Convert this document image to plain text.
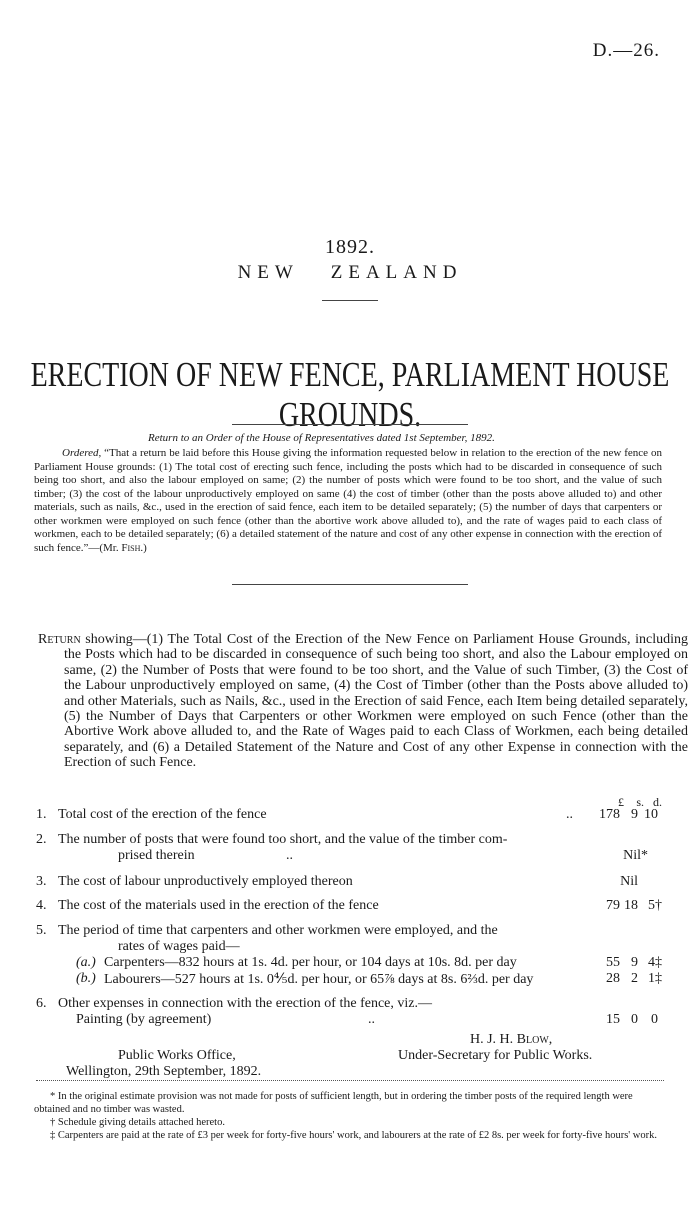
D.—26.
1892.
NEW   ZEALAND
ERECTION OF NEW FENCE, PARLIAMENT HOUSE GROUNDS.
Return to an Order of the House of Representatives dated 1st September, 1892.
Ordered, “That a return be laid before this House giving the information requested below in relation to the erection of the new fence on Parliament House grounds: (1) The total cost of erecting such fence, including the posts which had to be discarded in consequence of such being too short, and also the labour employed on same; (2) the number of posts which were found to be too short, and the value of such timber; (3) the cost of the labour unproductively employed on same (4) the cost of timber (other than the posts above alluded to) and other materials, such as nails, &c., used in the erection of said fence, each item to be detailed separately; (5) the number of days that carpenters or other workmen were employed on such fence (other than the abortive work above alluded to), and the rate of wages paid to each class of workmen, each to be detailed separately; (6) a detailed statement of the nature and cost of any other expense in connection with the erection of such fence.”—(Mr. Fish.)
Return showing—(1) The Total Cost of the Erection of the New Fence on Parliament House Grounds, including the Posts which had to be discarded in consequence of such being too short, and also the Labour employed on same, (2) the Number of Posts that were found to be too short, and the Value of such Timber, (3) the Cost of the Labour unproductively employed on same, (4) the Cost of Timber (other than the Posts above alluded to) and other Materials, such as Nails, &c., used in the Erection of said Fence, each Item being detailed separately, (5) the Number of Days that Carpenters or other Workmen were employed on such Fence (other than the Abortive Work above alluded to, and the Rate of Wages paid to each Class of Workmen, each being detailed separately, and (6) a Detailed Statement of the Nature and Cost of any other Expense in connection with the Erection of such Fence.
£	s. d.
1. Total cost of the erection of the fence	..	178 9 10
2. The number of posts that were found too short, and the value of the timber com-
prised therein	..	Nil*
3. The cost of labour unproductively employed thereon	Nil
4. The cost of the materials used in the erection of the fence	79 18 5†
5. The period of time that carpenters and other workmen were employed, and the
rates of wages paid—
(a.) Carpenters—832 hours at 1s. 4d. per hour, or 104 days at 10s. 8d. per day	55 9 4‡
(b.) Labourers—527 hours at 1s. 0⅘d. per hour, or 65⅞ days at 8s. 6⅔d. per day	28 2 1‡
6. Other expenses in connection with the erection of the fence, viz.—
Painting (by agreement)	..	15 0 0
Public Works Office,
Wellington, 29th September, 1892.
H. J. H. Blow,
Under-Secretary for Public Works.
* In the original estimate provision was not made for posts of sufficient length, but in ordering the timber posts of the required length were obtained and no timber was wasted.
† Schedule giving details attached hereto.
‡ Carpenters are paid at the rate of £3 per week for forty-five hours' work, and labourers at the rate of £2 8s. per week for forty-five hours' work.
